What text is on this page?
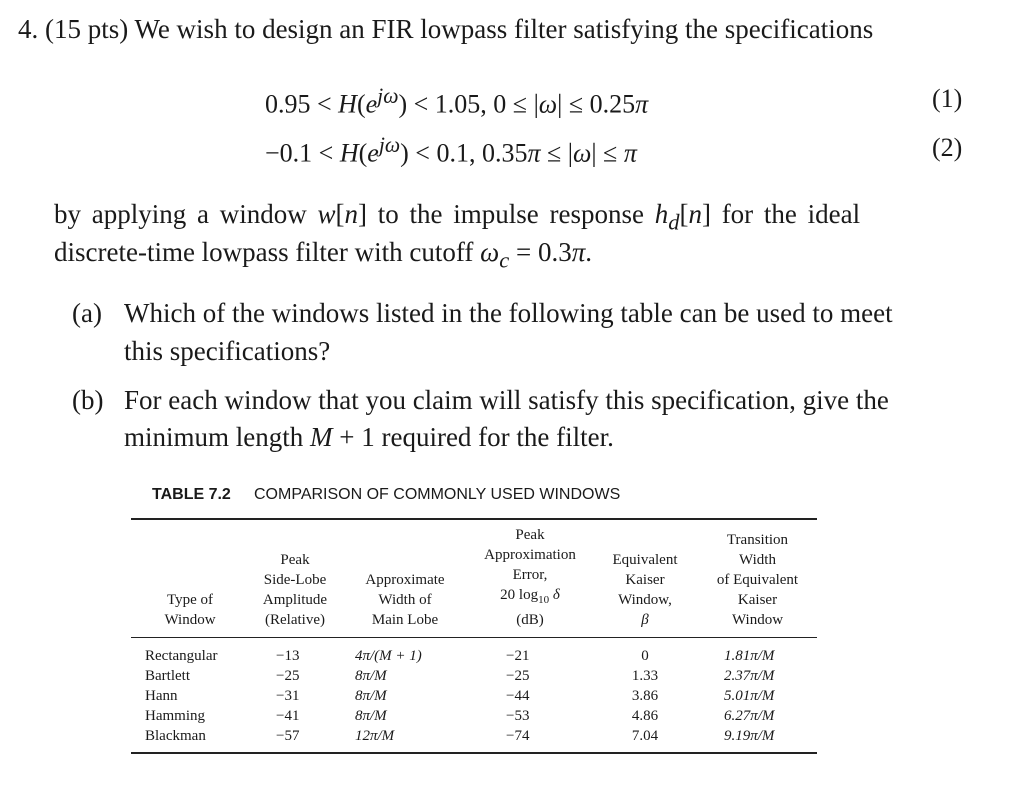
4. (15 pts) We wish to design an FIR lowpass filter satisfying the specifications
$0.95 < H(e^{j\omega}) < 1.05$, 0 ≤ |ω| ≤ 0.25π	(1)
$-0.1 < H(e^{j\omega}) < 0.1$, 0.35π ≤ |ω| ≤ π	(2)
by applying a window w[n] to the impulse response $h_d[n]$ for the ideal
discrete-time lowpass filter with cutoff $\omega_c = 0.3\pi$.
(a) Which of the windows listed in the following table can be used to meet
this specifications?
(b) For each window that you claim will satisfy this specification, give the
minimum length M + 1 required for the filter.
TABLE 7.2 COMPARISON OF COMMONLY USED WINDOWS
Type of
Window
Peak
Side-Lobe
Amplitude
(Relative)
Approximate
Width of
Main Lobe
Peak
Approximation
Error,
20 $\log_{10} \delta$
(dB)
Equivalent
Kaiser
Window,
β
Transition
Width
of Equivalent
Kaiser
Window
Rectangular
Bartlett
Hann
Hamming
Blackman
−13
−25
−31
−41
−57
4π/(M + 1)
8π/M
8π/M
8π/M
12π/M
−21
−25
−44
−53
−74
0
1.33
3.86
4.86
7.04
1.81π/M
2.37π/M
5.01π/M
6.27π/M
9.19π/M
